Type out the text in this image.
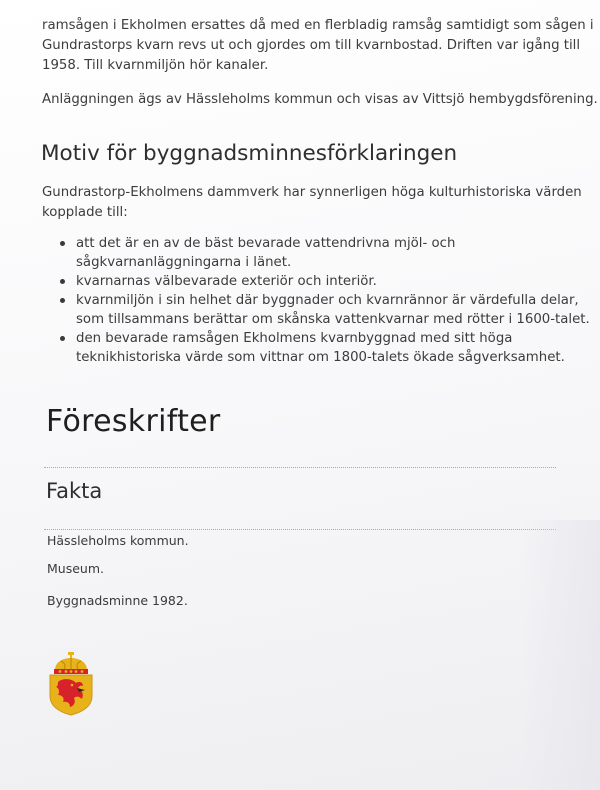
ramsågen i Ekholmen ersattes då med en flerbladig ramsåg samtidigt som sågen i
Gundrastorps kvarn revs ut och gjordes om till kvarnbostad. Driften var igång till
1958. Till kvarnmiljön hör kanaler.
Anläggningen ägs av Hässleholms kommun och visas av Vittsjö hembygdsförening.
Motiv för byggnadsminnesförklaringen
Gundrastorp-Ekholmens dammverk har synnerligen höga kulturhistoriska värden
kopplade till:
att det är en av de bäst bevarade vattendrivna mjöl- och
sågkvarnanläggningarna i länet.
kvarnarnas välbevarade exteriör och interiör.
kvarnmiljön i sin helhet där byggnader och kvarnrännor är värdefulla delar,
som tillsammans berättar om skånska vattenkvarnar med rötter i 1600-talet.
den bevarade ramsågen Ekholmens kvarnbyggnad med sitt höga
teknikhistoriska värde som vittnar om 1800-talets ökade sågverksamhet.
Föreskrifter
Fakta
Hässleholms kommun.
Museum.
Byggnadsminne 1982.
